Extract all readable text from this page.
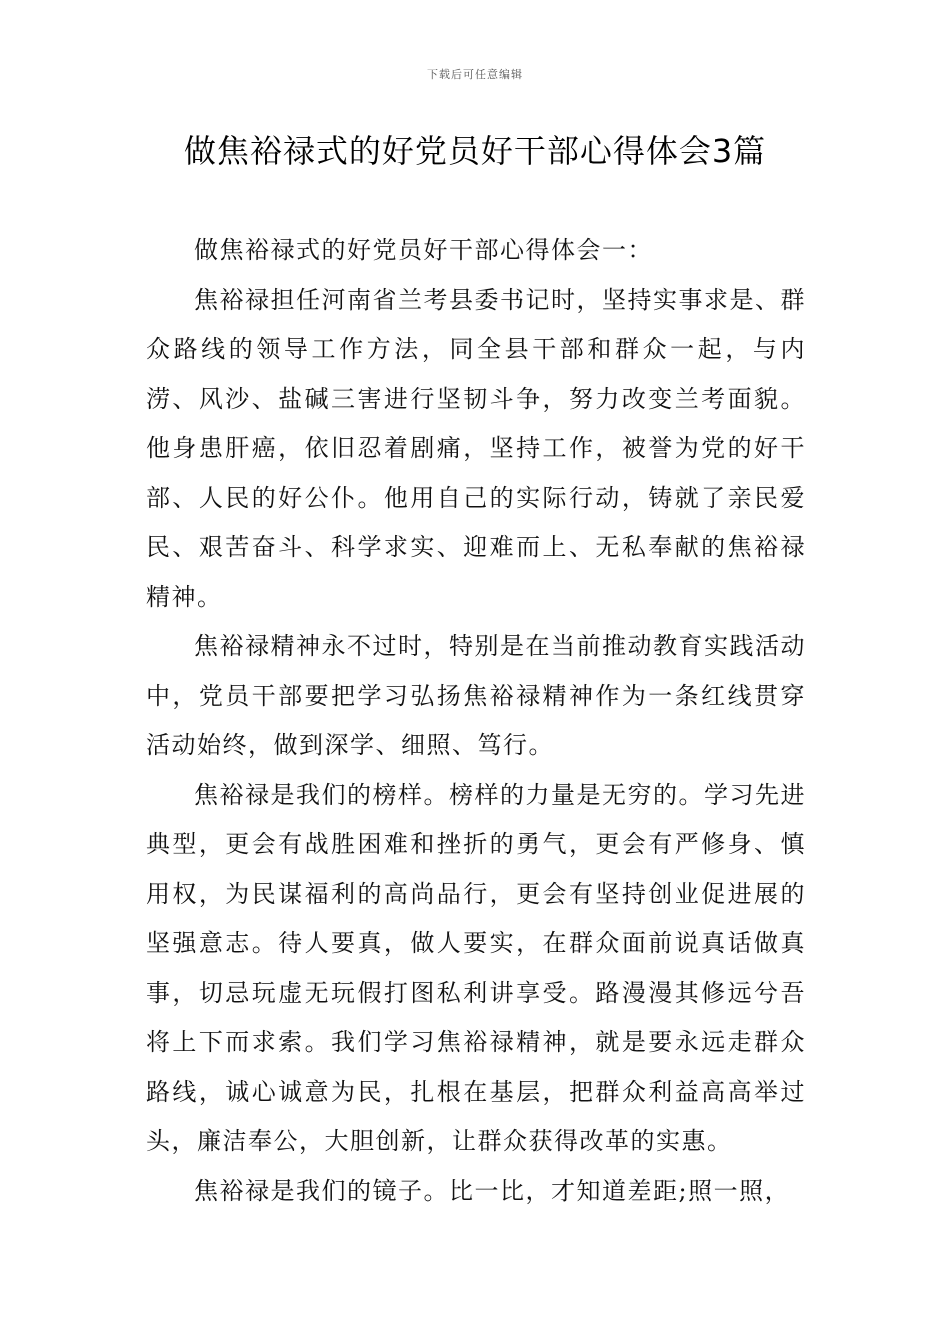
下载后可任意编辑
做焦裕禄式的好党员好干部心得体会3篇

做焦裕禄式的好党员好干部心得体会一：

焦裕禄担任河南省兰考县委书记时，坚持实事求是、群众路线的领导工作方法，同全县干部和群众一起，与内涝、风沙、盐碱三害进行坚韧斗争，努力改变兰考面貌。他身患肝癌，依旧忍着剧痛，坚持工作，被誉为党的好干部、人民的好公仆。他用自己的实际行动，铸就了亲民爱民、艰苦奋斗、科学求实、迎难而上、无私奉献的焦裕禄精神。

焦裕禄精神永不过时，特别是在当前推动教育实践活动中，党员干部要把学习弘扬焦裕禄精神作为一条红线贯穿活动始终，做到深学、细照、笃行。

焦裕禄是我们的榜样。榜样的力量是无穷的。学习先进典型，更会有战胜困难和挫折的勇气，更会有严修身、慎用权，为民谋福利的高尚品行，更会有坚持创业促进展的坚强意志。待人要真，做人要实，在群众面前说真话做真事，切忌玩虚无玩假打图私利讲享受。路漫漫其修远兮吾将上下而求索。我们学习焦裕禄精神，就是要永远走群众路线，诚心诚意为民，扎根在基层，把群众利益高高举过头，廉洁奉公，大胆创新，让群众获得改革的实惠。

焦裕禄是我们的镜子。比一比，才知道差距;照一照，
